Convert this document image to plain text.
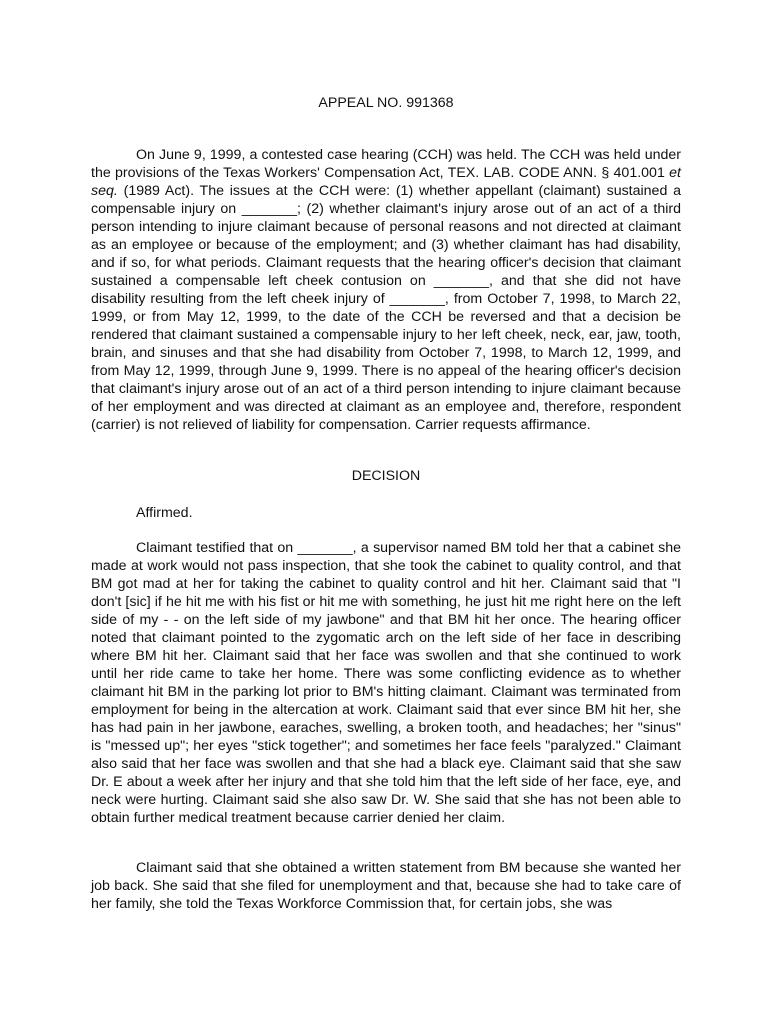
APPEAL NO. 991368

On June 9, 1999, a contested case hearing (CCH) was held. The CCH was held under the provisions of the Texas Workers' Compensation Act, TEX. LAB. CODE ANN. § 401.001 et seq. (1989 Act). The issues at the CCH were: (1) whether appellant (claimant) sustained a compensable injury on _______; (2) whether claimant's injury arose out of an act of a third person intending to injure claimant because of personal reasons and not directed at claimant as an employee or because of the employment; and (3) whether claimant has had disability, and if so, for what periods. Claimant requests that the hearing officer's decision that claimant sustained a compensable left cheek contusion on _______, and that she did not have disability resulting from the left cheek injury of _______, from October 7, 1998, to March 22, 1999, or from May 12, 1999, to the date of the CCH be reversed and that a decision be rendered that claimant sustained a compensable injury to her left cheek, neck, ear, jaw, tooth, brain, and sinuses and that she had disability from October 7, 1998, to March 12, 1999, and from May 12, 1999, through June 9, 1999. There is no appeal of the hearing officer's decision that claimant's injury arose out of an act of a third person intending to injure claimant because of her employment and was directed at claimant as an employee and, therefore, respondent (carrier) is not relieved of liability for compensation. Carrier requests affirmance.

DECISION

Affirmed.

Claimant testified that on _______, a supervisor named BM told her that a cabinet she made at work would not pass inspection, that she took the cabinet to quality control, and that BM got mad at her for taking the cabinet to quality control and hit her. Claimant said that "I don't [sic] if he hit me with his fist or hit me with something, he just hit me right here on the left side of my - - on the left side of my jawbone" and that BM hit her once. The hearing officer noted that claimant pointed to the zygomatic arch on the left side of her face in describing where BM hit her. Claimant said that her face was swollen and that she continued to work until her ride came to take her home. There was some conflicting evidence as to whether claimant hit BM in the parking lot prior to BM's hitting claimant. Claimant was terminated from employment for being in the altercation at work. Claimant said that ever since BM hit her, she has had pain in her jawbone, earaches, swelling, a broken tooth, and headaches; her "sinus" is "messed up"; her eyes "stick together"; and sometimes her face feels "paralyzed." Claimant also said that her face was swollen and that she had a black eye. Claimant said that she saw Dr. E about a week after her injury and that she told him that the left side of her face, eye, and neck were hurting. Claimant said she also saw Dr. W. She said that she has not been able to obtain further medical treatment because carrier denied her claim.

Claimant said that she obtained a written statement from BM because she wanted her job back. She said that she filed for unemployment and that, because she had to take care of her family, she told the Texas Workforce Commission that, for certain jobs, she was
